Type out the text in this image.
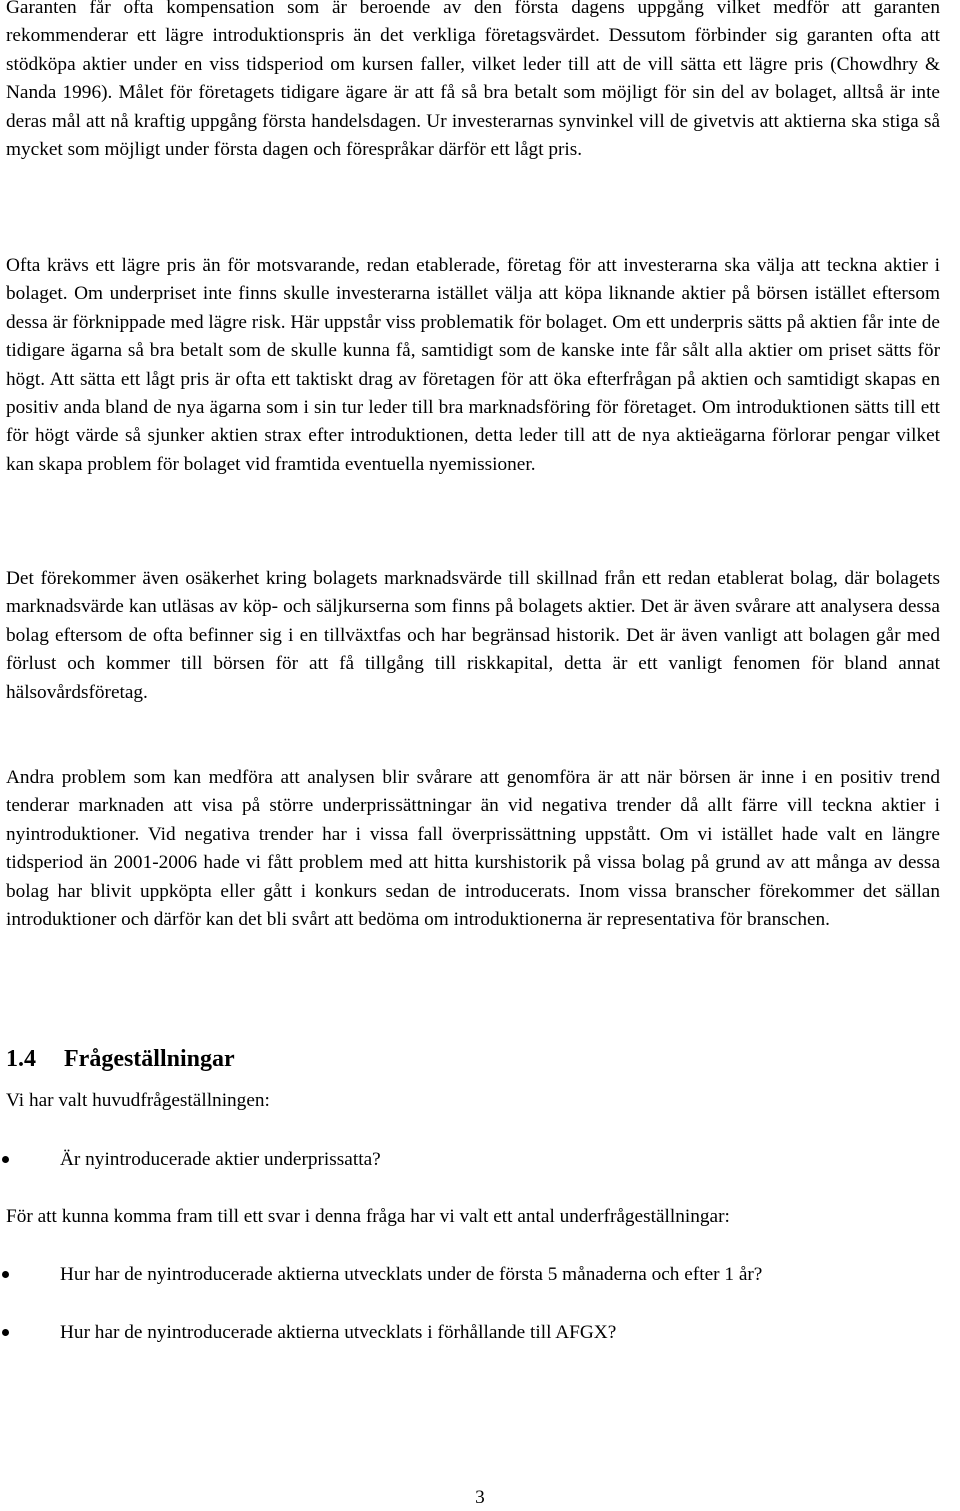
Garanten får ofta kompensation som är beroende av den första dagens uppgång vilket medför att garanten rekommenderar ett lägre introduktionspris än det verkliga företagsvärdet. Dessutom förbinder sig garanten ofta att stödköpa aktier under en viss tidsperiod om kursen faller, vilket leder till att de vill sätta ett lägre pris (Chowdhry & Nanda 1996). Målet för företagets tidigare ägare är att få så bra betalt som möjligt för sin del av bolaget, alltså är inte deras mål att nå kraftig uppgång första handelsdagen. Ur investerarnas synvinkel vill de givetvis att aktierna ska stiga så mycket som möjligt under första dagen och förespråkar därför ett lågt pris.

Ofta krävs ett lägre pris än för motsvarande, redan etablerade, företag för att investerarna ska välja att teckna aktier i bolaget. Om underpriset inte finns skulle investerarna istället välja att köpa liknande aktier på börsen istället eftersom dessa är förknippade med lägre risk. Här uppstår viss problematik för bolaget. Om ett underpris sätts på aktien får inte de tidigare ägarna så bra betalt som de skulle kunna få, samtidigt som de kanske inte får sålt alla aktier om priset sätts för högt. Att sätta ett lågt pris är ofta ett taktiskt drag av företagen för att öka efterfrågan på aktien och samtidigt skapas en positiv anda bland de nya ägarna som i sin tur leder till bra marknadsföring för företaget. Om introduktionen sätts till ett för högt värde så sjunker aktien strax efter introduktionen, detta leder till att de nya aktieägarna förlorar pengar vilket kan skapa problem för bolaget vid framtida eventuella nyemissioner.

Det förekommer även osäkerhet kring bolagets marknadsvärde till skillnad från ett redan etablerat bolag, där bolagets marknadsvärde kan utläsas av köp- och säljkurserna som finns på bolagets aktier. Det är även svårare att analysera dessa bolag eftersom de ofta befinner sig i en tillväxtfas och har begränsad historik. Det är även vanligt att bolagen går med förlust och kommer till börsen för att få tillgång till riskkapital, detta är ett vanligt fenomen för bland annat hälsovårdsföretag.

Andra problem som kan medföra att analysen blir svårare att genomföra är att när börsen är inne i en positiv trend tenderar marknaden att visa på större underprissättningar än vid negativa trender då allt färre vill teckna aktier i nyintroduktioner. Vid negativa trender har i vissa fall överprissättning uppstått. Om vi istället hade valt en längre tidsperiod än 2001-2006 hade vi fått problem med att hitta kurshistorik på vissa bolag på grund av att många av dessa bolag har blivit uppköpta eller gått i konkurs sedan de introducerats. Inom vissa branscher förekommer det sällan introduktioner och därför kan det bli svårt att bedöma om introduktionerna är representativa för branschen.

1.4 Frågeställningar

Vi har valt huvudfrågeställningen:

Är nyintroducerade aktier underprissatta?

För att kunna komma fram till ett svar i denna fråga har vi valt ett antal underfrågeställningar:

Hur har de nyintroducerade aktierna utvecklats under de första 5 månaderna och efter 1 år?
Hur har de nyintroducerade aktierna utvecklats i förhållande till AFGX?
3
